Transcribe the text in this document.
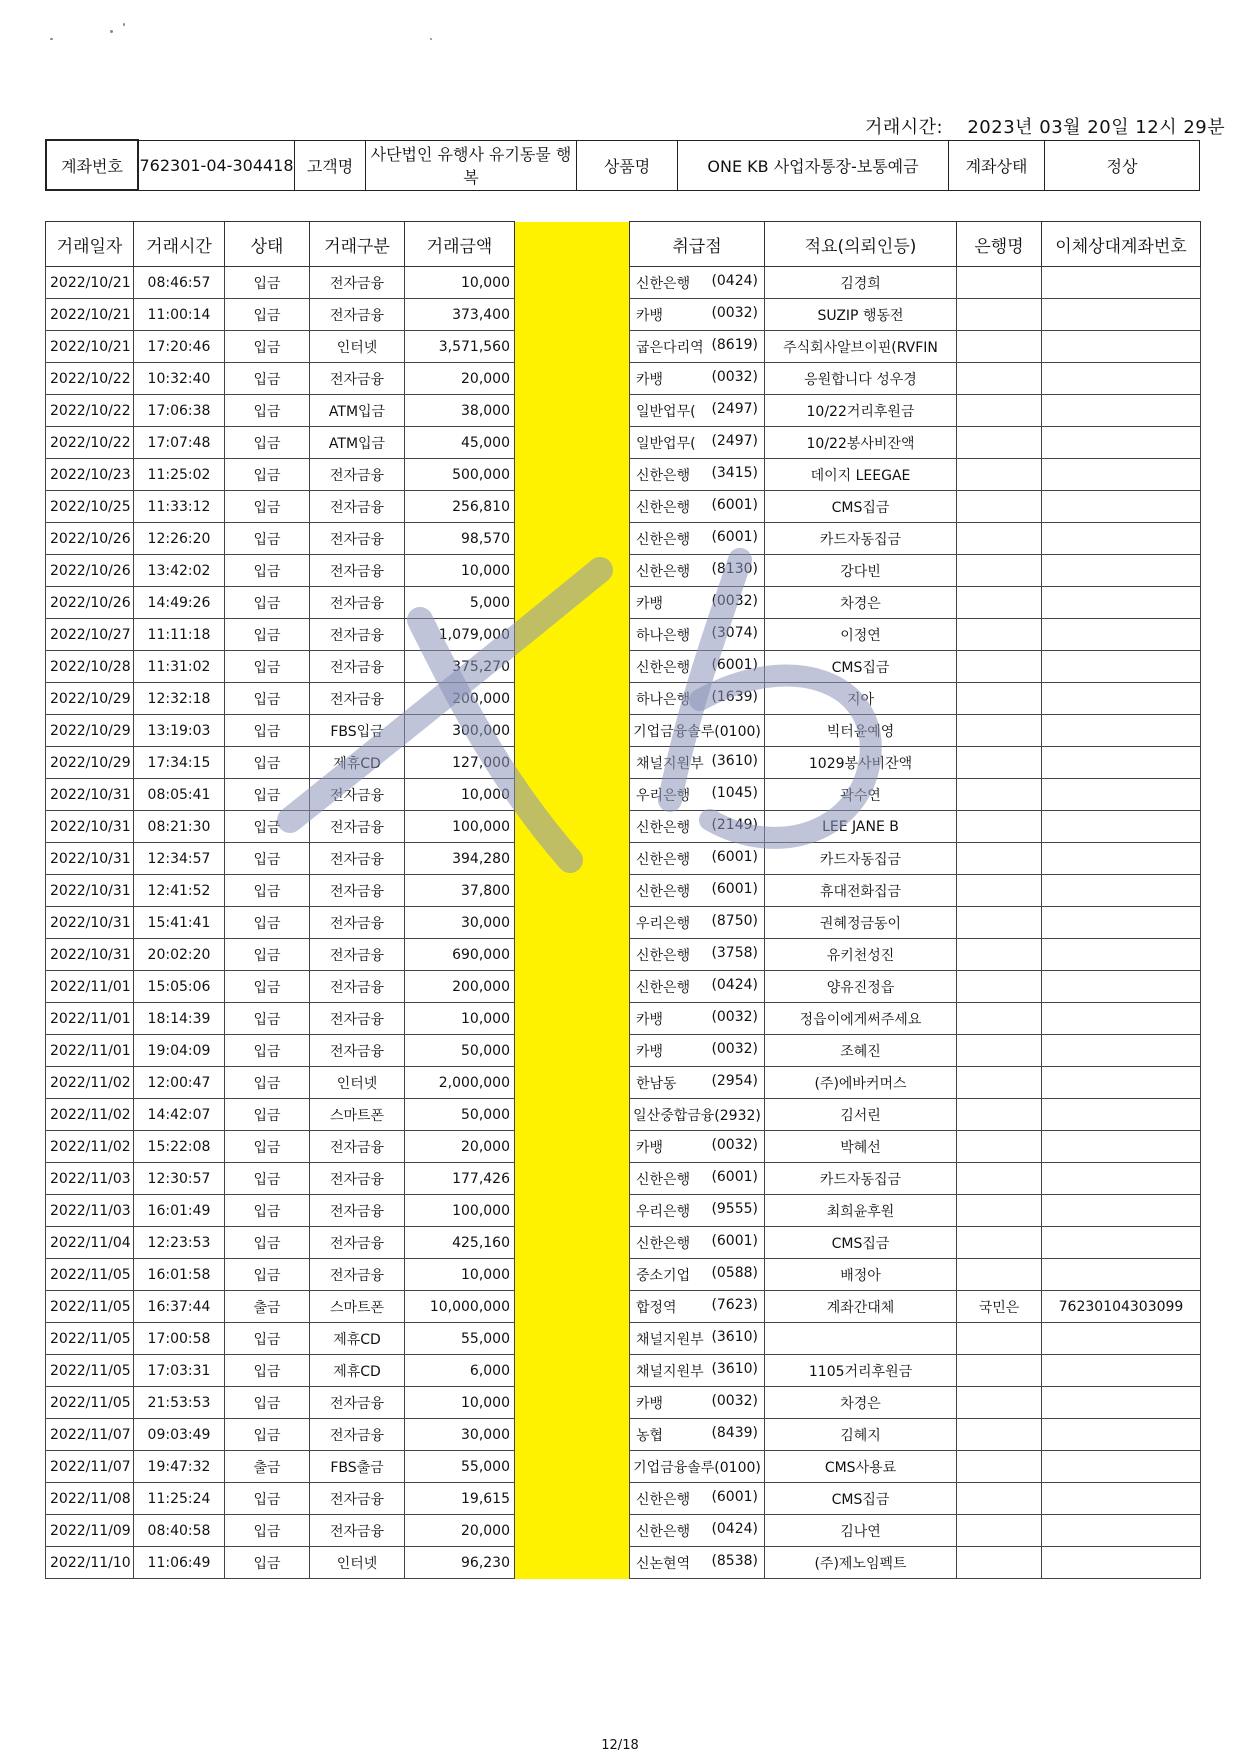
거래시간: 2023년 03월 20일 12시 29분
계좌번호	762301-04-304418	고객명	사단법인 유행사 유기동물 행복	상품명	ONE KB 사업자통장-보통예금	계좌상태	정상
거래일자	거래시간	상태	거래구분	거래금액		취급점	적요(의뢰인등)	은행명	이체상대계좌번호
2022/10/21	08:46:57	입금	전자금융	10,000		신한은행 (0424)	김경희		
2022/10/21	11:00:14	입금	전자금융	373,400		카뱅 (0032)	SUZIP 행동전		
2022/10/21	17:20:46	입금	인터넷	3,571,560		굽은다리역 (8619)	주식회사알브이핀(RVFIN		
2022/10/22	10:32:40	입금	전자금융	20,000		카뱅 (0032)	응원합니다 성우경		
2022/10/22	17:06:38	입금	ATM입금	38,000		일반업무( (2497)	10/22거리후원금		
2022/10/22	17:07:48	입금	ATM입금	45,000		일반업무( (2497)	10/22봉사비잔액		
2022/10/23	11:25:02	입금	전자금융	500,000		신한은행 (3415)	데이지 LEEGAE		
2022/10/25	11:33:12	입금	전자금융	256,810		신한은행 (6001)	CMS집금		
2022/10/26	12:26:20	입금	전자금융	98,570		신한은행 (6001)	카드자동집금		
2022/10/26	13:42:02	입금	전자금융	10,000		신한은행 (8130)	강다빈		
2022/10/26	14:49:26	입금	전자금융	5,000		카뱅 (0032)	차경은		
2022/10/27	11:11:18	입금	전자금융	1,079,000		하나은행 (3074)	이정연		
2022/10/28	11:31:02	입금	전자금융	375,270		신한은행 (6001)	CMS집금		
2022/10/29	12:32:18	입금	전자금융	200,000		하나은행 (1639)	지아		
2022/10/29	13:19:03	입금	FBS입금	300,000		기업금융솔루(0100)	빅터윤예영		
2022/10/29	17:34:15	입금	제휴CD	127,000		채널지원부 (3610)	1029봉사비잔액		
2022/10/31	08:05:41	입금	전자금융	10,000		우리은행 (1045)	곽수연		
2022/10/31	08:21:30	입금	전자금융	100,000		신한은행 (2149)	LEE JANE B		
2022/10/31	12:34:57	입금	전자금융	394,280		신한은행 (6001)	카드자동집금		
2022/10/31	12:41:52	입금	전자금융	37,800		신한은행 (6001)	휴대전화집금		
2022/10/31	15:41:41	입금	전자금융	30,000		우리은행 (8750)	권혜정금동이		
2022/10/31	20:02:20	입금	전자금융	690,000		신한은행 (3758)	유키천성진		
2022/11/01	15:05:06	입금	전자금융	200,000		신한은행 (0424)	양유진정읍		
2022/11/01	18:14:39	입금	전자금융	10,000		카뱅 (0032)	정읍이에게써주세요		
2022/11/01	19:04:09	입금	전자금융	50,000		카뱅 (0032)	조혜진		
2022/11/02	12:00:47	입금	인터넷	2,000,000		한남동 (2954)	(주)에바커머스		
2022/11/02	14:42:07	입금	스마트폰	50,000		일산중합금융(2932)	김서린		
2022/11/02	15:22:08	입금	전자금융	20,000		카뱅 (0032)	박혜선		
2022/11/03	12:30:57	입금	전자금융	177,426		신한은행 (6001)	카드자동집금		
2022/11/03	16:01:49	입금	전자금융	100,000		우리은행 (9555)	최희윤후원		
2022/11/04	12:23:53	입금	전자금융	425,160		신한은행 (6001)	CMS집금		
2022/11/05	16:01:58	입금	전자금융	10,000		중소기업 (0588)	배정아		
2022/11/05	16:37:44	출금	스마트폰	10,000,000		합정역 (7623)	계좌간대체	국민은	76230104303099
2022/11/05	17:00:58	입금	제휴CD	55,000		채널지원부 (3610)			

2022/11/05	17:03:31	입금	제휴CD	6,000		채널지원부 (3610)	1105거리후원금		
2022/11/05	21:53:53	입금	전자금융	10,000		카뱅 (0032)	차경은		
2022/11/07	09:03:49	입금	전자금융	30,000		농협 (8439)	김혜지		
2022/11/07	19:47:32	출금	FBS출금	55,000		기업금융솔루(0100)	CMS사용료		
2022/11/08	11:25:24	입금	전자금융	19,615		신한은행 (6001)	CMS집금		
2022/11/09	08:40:58	입금	전자금융	20,000		신한은행 (0424)	김나연		
2022/11/10	11:06:49	입금	인터넷	96,230		신논현역 (8538)	(주)제노임펙트		
12/18
